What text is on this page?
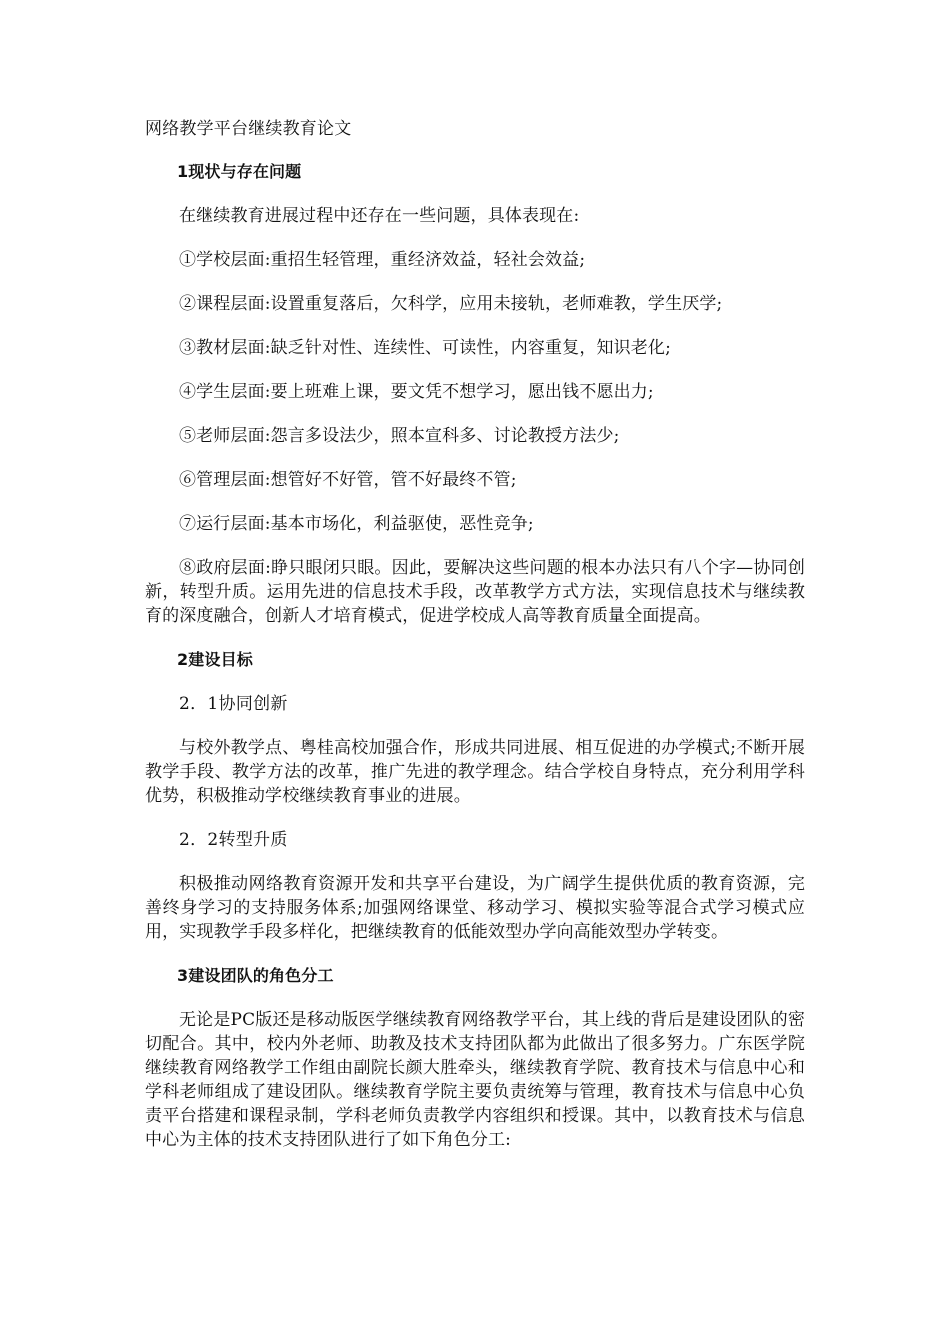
网络教学平台继续教育论文

1现状与存在问题

在继续教育进展过程中还存在一些问题，具体表现在:

①学校层面:重招生轻管理，重经济效益，轻社会效益;

②课程层面:设置重复落后，欠科学，应用未接轨，老师难教，学生厌学;

③教材层面:缺乏针对性、连续性、可读性，内容重复，知识老化;

④学生层面:要上班难上课，要文凭不想学习，愿出钱不愿出力;

⑤老师层面:怨言多设法少，照本宣科多、讨论教授方法少;

⑥管理层面:想管好不好管，管不好最终不管;

⑦运行层面:基本市场化，利益驱使，恶性竞争;

⑧政府层面:睁只眼闭只眼。因此，要解决这些问题的根本办法只有八个字—协同创新，转型升质。运用先进的信息技术手段，改革教学方式方法，实现信息技术与继续教育的深度融合，创新人才培育模式，促进学校成人高等教育质量全面提高。

2建设目标

2．1协同创新

与校外教学点、粤桂高校加强合作，形成共同进展、相互促进的办学模式;不断开展教学手段、教学方法的改革，推广先进的教学理念。结合学校自身特点，充分利用学科优势，积极推动学校继续教育事业的进展。

2．2转型升质

积极推动网络教育资源开发和共享平台建设，为广阔学生提供优质的教育资源，完善终身学习的支持服务体系;加强网络课堂、移动学习、模拟实验等混合式学习模式应用，实现教学手段多样化，把继续教育的低能效型办学向高能效型办学转变。

3建设团队的角色分工

无论是PC版还是移动版医学继续教育网络教学平台，其上线的背后是建设团队的密切配合。其中，校内外老师、助教及技术支持团队都为此做出了很多努力。广东医学院继续教育网络教学工作组由副院长颜大胜牵头，继续教育学院、教育技术与信息中心和学科老师组成了建设团队。继续教育学院主要负责统筹与管理，教育技术与信息中心负责平台搭建和课程录制，学科老师负责教学内容组织和授课。其中，以教育技术与信息中心为主体的技术支持团队进行了如下角色分工:
